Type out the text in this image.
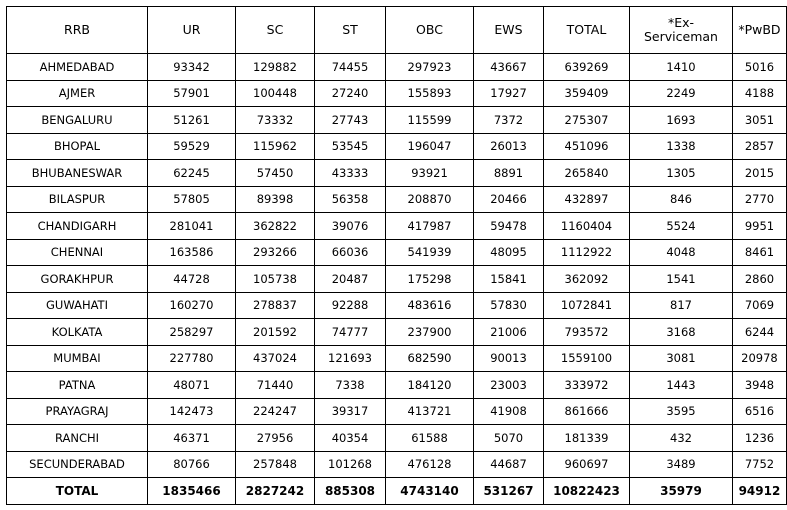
RRB	UR	SC	ST	OBC	EWS	TOTAL	*Ex-Serviceman	*PwBD
AHMEDABAD	93342	129882	74455	297923	43667	639269	1410	5016
AJMER	57901	100448	27240	155893	17927	359409	2249	4188
BENGALURU	51261	73332	27743	115599	7372	275307	1693	3051
BHOPAL	59529	115962	53545	196047	26013	451096	1338	2857
BHUBANESWAR	62245	57450	43333	93921	8891	265840	1305	2015
BILASPUR	57805	89398	56358	208870	20466	432897	846	2770
CHANDIGARH	281041	362822	39076	417987	59478	1160404	5524	9951
CHENNAI	163586	293266	66036	541939	48095	1112922	4048	8461
GORAKHPUR	44728	105738	20487	175298	15841	362092	1541	2860
GUWAHATI	160270	278837	92288	483616	57830	1072841	817	7069
KOLKATA	258297	201592	74777	237900	21006	793572	3168	6244
MUMBAI	227780	437024	121693	682590	90013	1559100	3081	20978
PATNA	48071	71440	7338	184120	23003	333972	1443	3948
PRAYAGRAJ	142473	224247	39317	413721	41908	861666	3595	6516
RANCHI	46371	27956	40354	61588	5070	181339	432	1236
SECUNDERABAD	80766	257848	101268	476128	44687	960697	3489	7752
TOTAL	1835466	2827242	885308	4743140	531267	10822423	35979	94912
